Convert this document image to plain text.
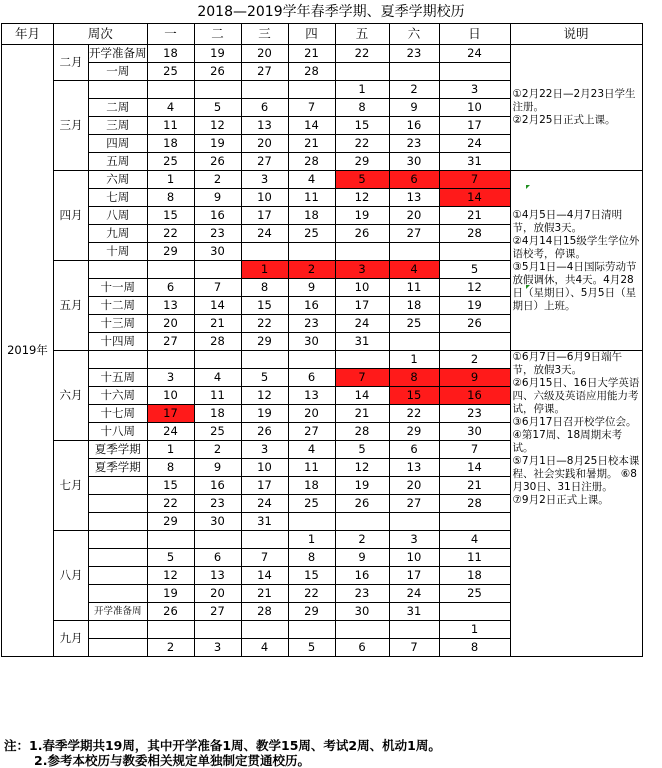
2018—2019学年春季学期、夏季学期校历
年月	周次		一	二	三	四	五	六	日	说明
2019年	二月	开学准备周	18	19	20	21	22	23	24	①2月22日—2月23日学生注册。
②2月25日正式上课。

		一周	25	26	27	28				
	三月						1	2	3	
		二周	4	5	6	7	8	9	10	
		三周	11	12	13	14	15	16	17	
		四周	18	19	20	21	22	23	24	
		五周	25	26	27	28	29	30	31	
	四月	六周	1	2	3	4	5	6	7	①4月5日—4月7日清明节，放假3天。
②4月14日15级学生学位外语校考，停课。
③5月1日—4日国际劳动节放假调休，共4天。4月28日（星期日）、5月5日（星期日）上班。

		七周	8	9	10	11	12	13	14	
		八周	15	16	17	18	19	20	21	
		九周	22	23	24	25	26	27	28	
		十周	29	30						
	五月				1	2	3	4	5	
		十一周	6	7	8	9	10	11	12	
		十二周	13	14	15	16	17	18	19	
		十三周	20	21	22	23	24	25	26	
		十四周	27	28	29	30	31			
	六月							1	2	①6月7日—6月9日端午节，放假3天。
②6月15日、16日大学英语四、六级及英语应用能力考试，停课。
③6月17日召开校学位会。 ④第17周、18周期末考试。
⑤7月1日—8月25日校本课程、社会实践和暑期。 ⑥8月30日、31日注册。
⑦9月2日正式上课。

		十五周	3	4	5	6	7	8	9	
		十六周	10	11	12	13	14	15	16	
		十七周	17	18	19	20	21	22	23	
		十八周	24	25	26	27	28	29	30	
	七月	夏季学期	1	2	3	4	5	6	7	
		夏季学期	8	9	10	11	12	13	14	
			15	16	17	18	19	20	21	
			22	23	24	25	26	27	28	
			29	30	31					
	八月					1	2	3	4	
			5	6	7	8	9	10	11	
			12	13	14	15	16	17	18	
			19	20	21	22	23	24	25	
		开学准备周	26	27	28	29	30	31		
	九月								1	
			2	3	4	5	6	7	8	
注：1.春季学期共19周，其中开学准备1周、教学15周、考试2周、机动1周。
2.参考本校历与教委相关规定单独制定贯通校历。
